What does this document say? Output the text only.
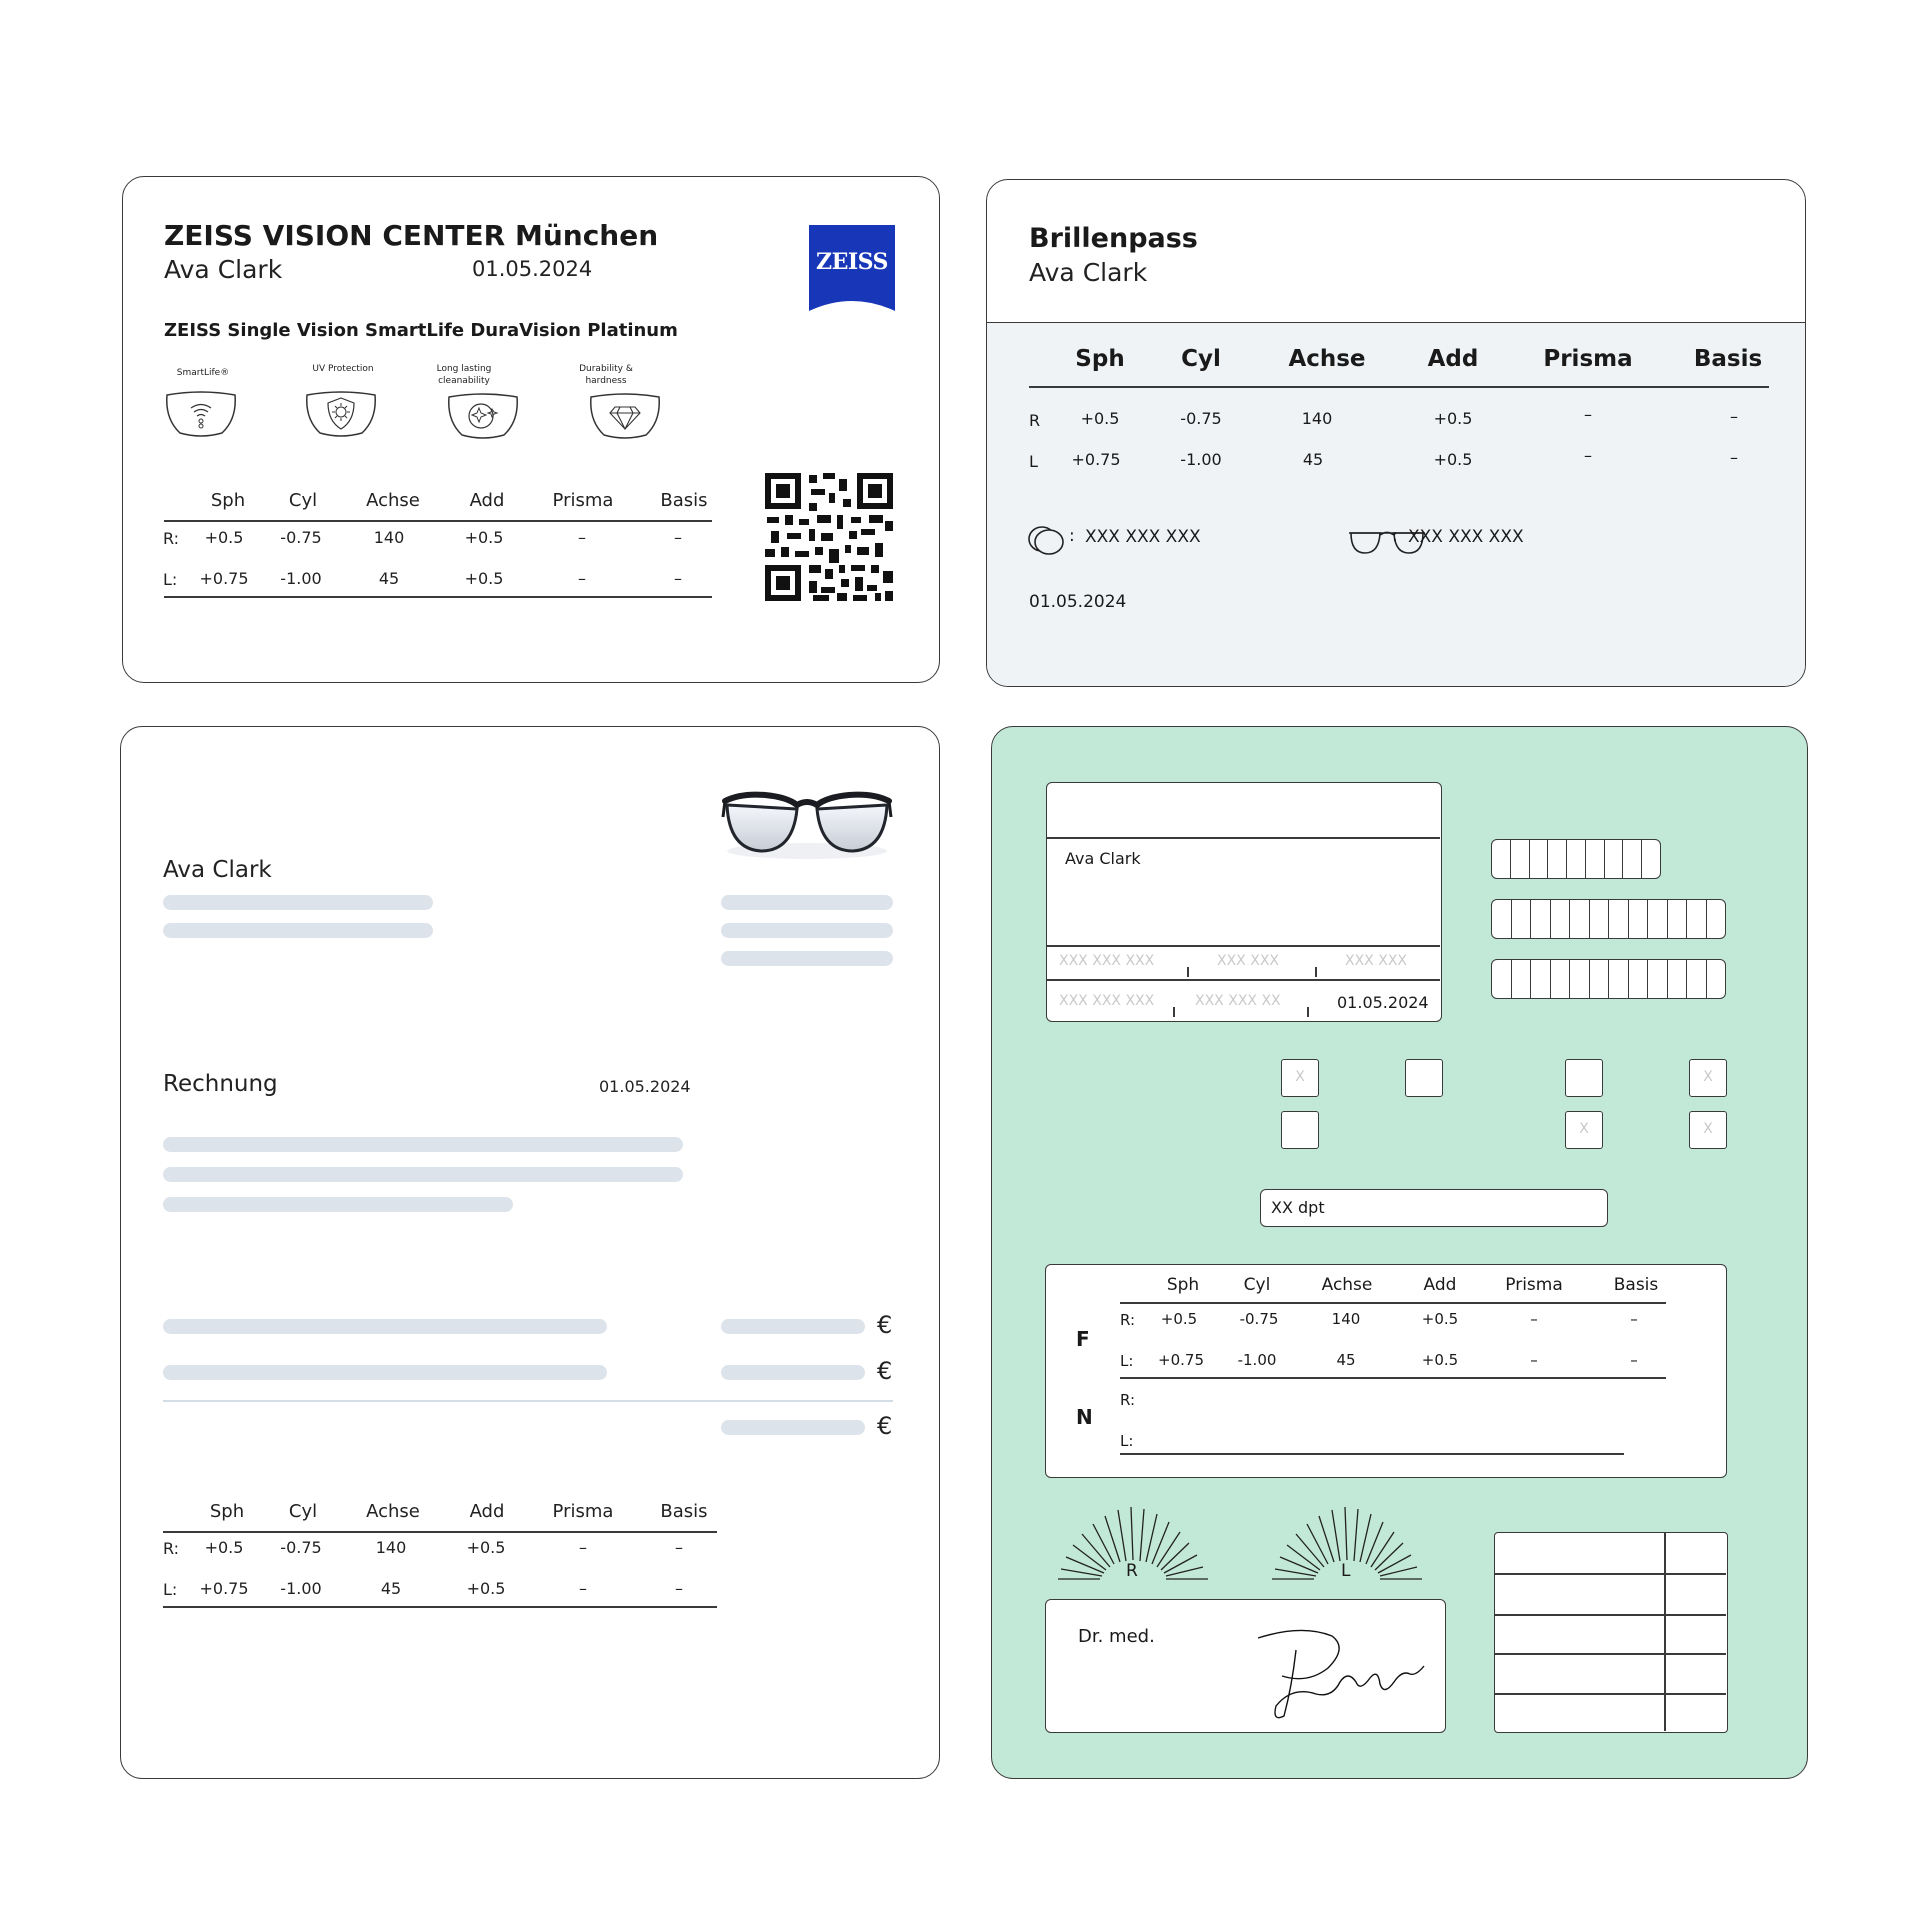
ZEISS VISION CENTER München
Ava Clark	01.05.2024	ZEISS
ZEISS Single Vision SmartLife DuraVision Platinum
SmartLife®	UV Protection	Long lasting cleanability
Durability & hardness
Sph	Cyl	Achse	Add	Prisma	Basis
R:	+0.5	-0.75	140	+0.5	–	–
L:	+0.75	-1.00	45	+0.5	–	–
Brillenpass
Ava Clark
Sph	Cyl	Achse	Add	Prisma	Basis
R	+0.5	-0.75	140	+0.5	–	–
L	+0.75	-1.00	45	+0.5	–	–
: XXX XXX XXX	: XXX XXX XXX
01.05.2024
Ava Clark
Rechnung	01.05.2024
€
€
€
Sph	Cyl	Achse	Add	Prisma	Basis
R:	+0.5	-0.75	140	+0.5	–	–
L:	+0.75	-1.00	45	+0.5	–	–
Ava Clark
XXX XXX XXX	XXX XXX	XXX XXX
XXX XXX XXX	XXX XXX XX	01.05.2024
X	X
X	X
XX dpt
Sph	Cyl	Achse	Add	Prisma	Basis
F
R:	+0.5	-0.75	140	+0.5	–	–
L:	+0.75	-1.00	45	+0.5	–	–
N
R:
L:
R	L
Dr. med.
